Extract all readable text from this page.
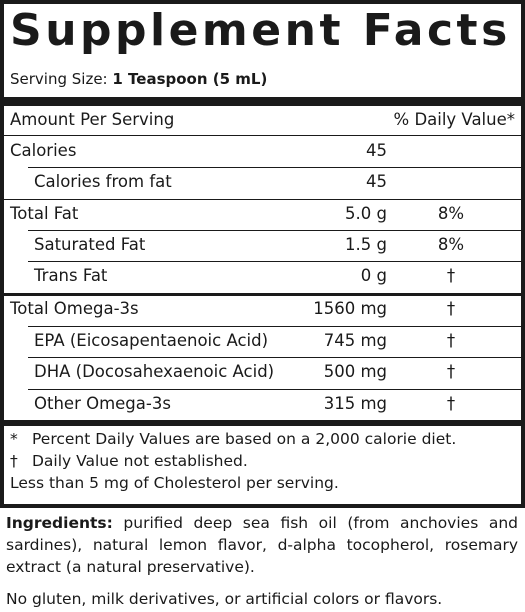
Supplement Facts
Serving Size: 1 Teaspoon (5 mL)
Amount Per Serving	% Daily Value*
Calories	45
Calories from fat	45
Total Fat	5.0 g	8%
Saturated Fat	1.5 g	8%
Trans Fat	0 g	†
Total Omega-3s	1560 mg	†
EPA (Eicosapentaenoic Acid)	745 mg	†
DHA (Docosahexaenoic Acid)	500 mg	†
Other Omega-3s	315 mg	†
* Percent Daily Values are based on a 2,000 calorie diet.
† Daily Value not established.
Less than 5 mg of Cholesterol per serving.
Ingredients: purified deep sea fish oil (from anchovies and sardines), natural lemon flavor, d-alpha tocopherol, rosemary extract (a natural preservative).
No gluten, milk derivatives, or artificial colors or flavors.
